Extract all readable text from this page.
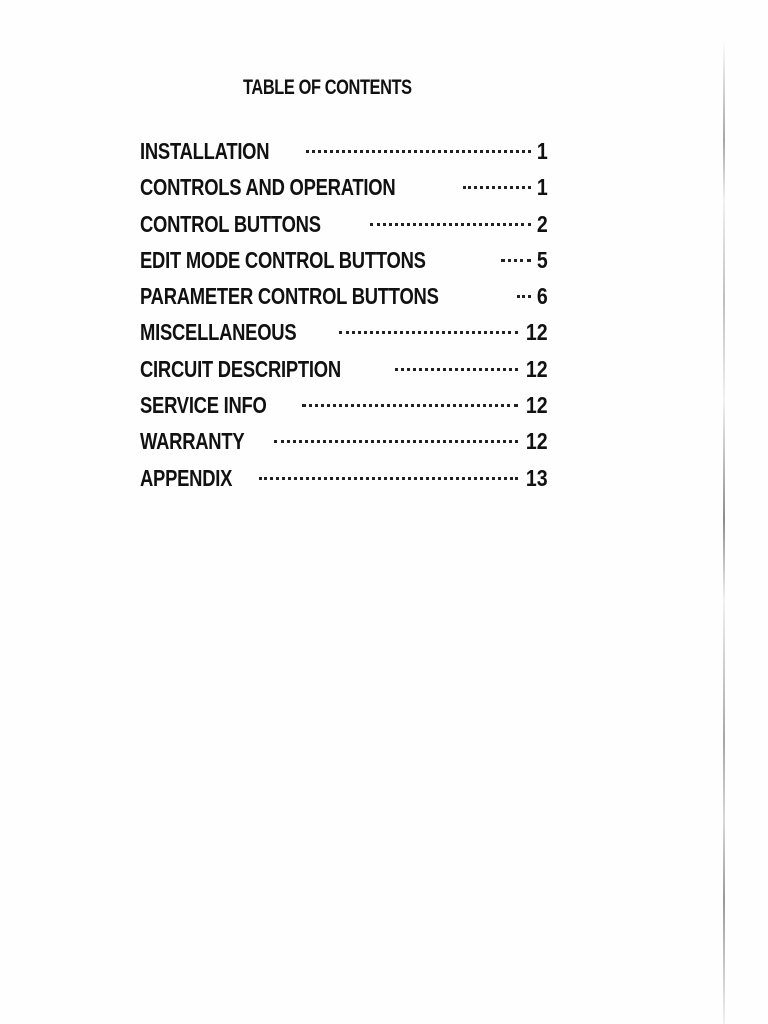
TABLE OF CONTENTS
INSTALLATION	1
CONTROLS AND OPERATION	1
CONTROL BUTTONS	2
EDIT MODE CONTROL BUTTONS	5
PARAMETER CONTROL BUTTONS	6
MISCELLANEOUS	12
CIRCUIT DESCRIPTION	12
SERVICE INFO	12
WARRANTY	12
APPENDIX	13
